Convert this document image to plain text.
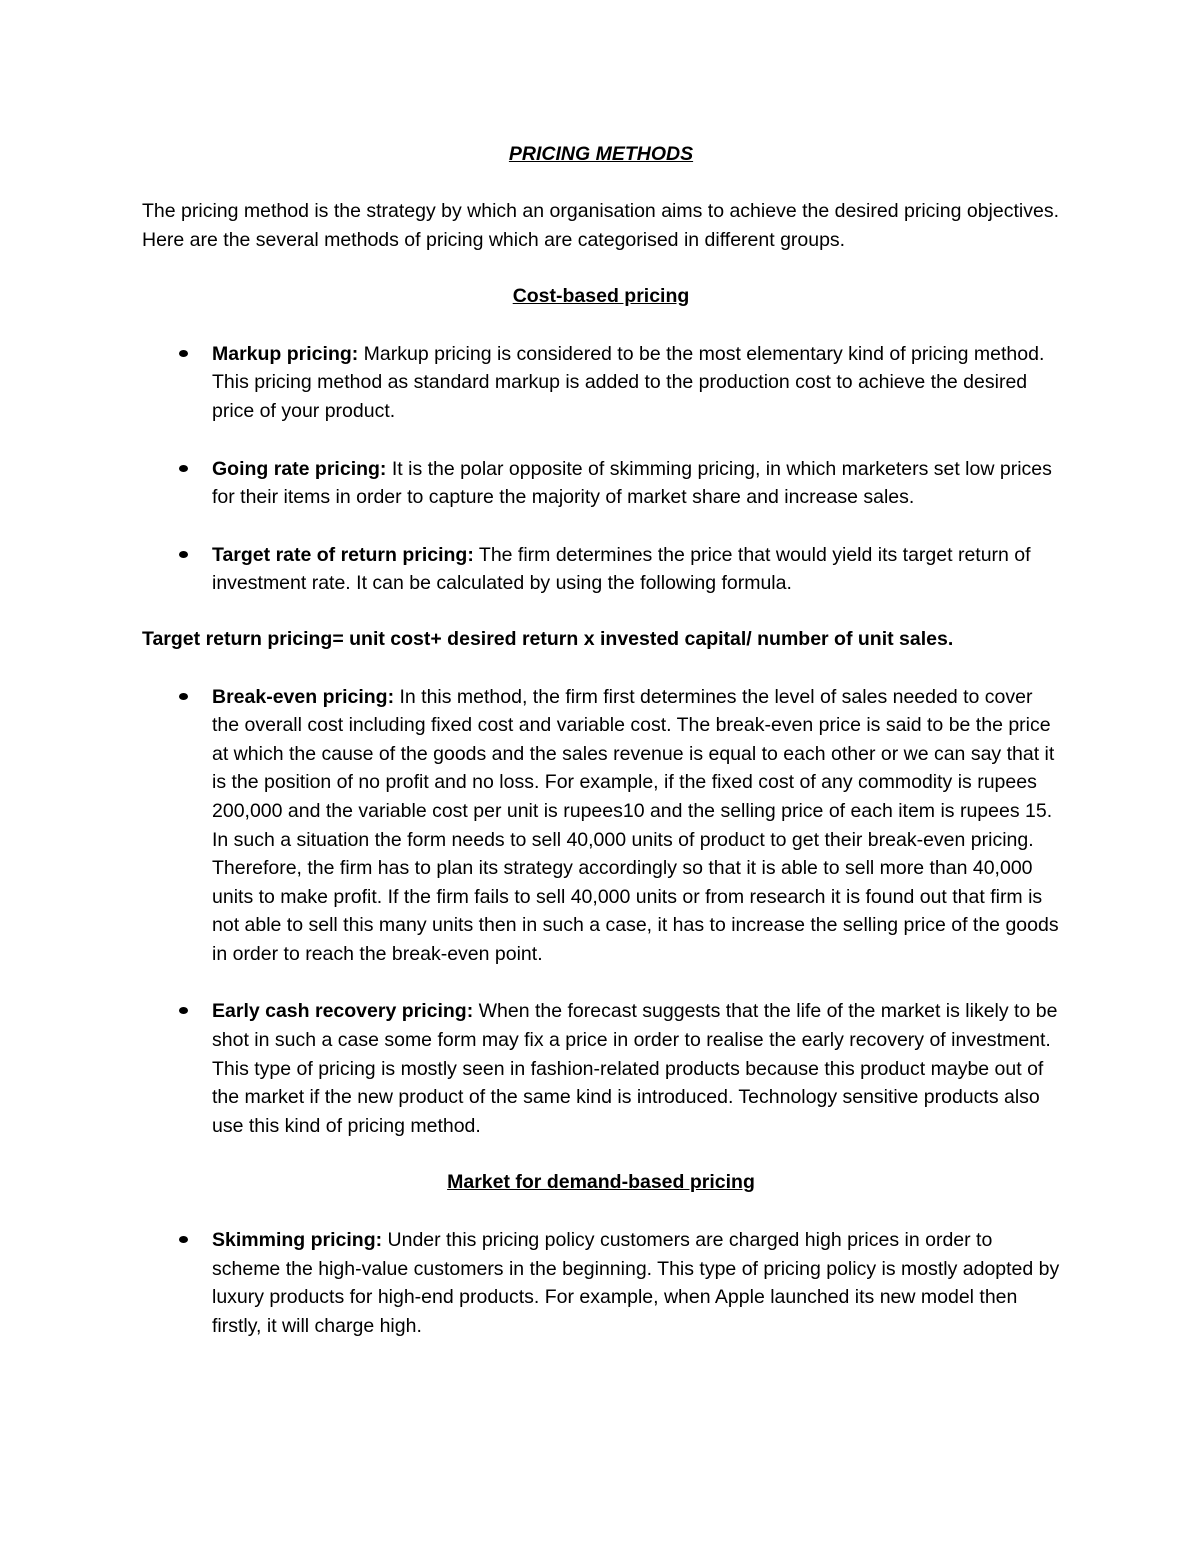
PRICING METHODS

The pricing method is the strategy by which an organisation aims to achieve the desired pricing objectives. Here are the several methods of pricing which are categorised in different groups.

Cost-based pricing

Markup pricing: Markup pricing is considered to be the most elementary kind of pricing method. This pricing method as standard markup is added to the production cost to achieve the desired price of your product.
Going rate pricing: It is the polar opposite of skimming pricing, in which marketers set low prices for their items in order to capture the majority of market share and increase sales.
Target rate of return pricing: The firm determines the price that would yield its target return of investment rate. It can be calculated by using the following formula.

Target return pricing= unit cost+ desired return x invested capital/ number of unit sales.

Break-even pricing: In this method, the firm first determines the level of sales needed to cover the overall cost including fixed cost and variable cost. The break-even price is said to be the price at which the cause of the goods and the sales revenue is equal to each other or we can say that it is the position of no profit and no loss. For example, if the fixed cost of any commodity is rupees 200,000 and the variable cost per unit is rupees10 and the selling price of each item is rupees 15. In such a situation the form needs to sell 40,000 units of product to get their break-even pricing. Therefore, the firm has to plan its strategy accordingly so that it is able to sell more than 40,000 units to make profit. If the firm fails to sell 40,000 units or from research it is found out that firm is not able to sell this many units then in such a case, it has to increase the selling price of the goods in order to reach the break-even point.
Early cash recovery pricing: When the forecast suggests that the life of the market is likely to be shot in such a case some form may fix a price in order to realise the early recovery of investment. This type of pricing is mostly seen in fashion-related products because this product maybe out of the market if the new product of the same kind is introduced. Technology sensitive products also use this kind of pricing method.

Market for demand-based pricing

Skimming pricing: Under this pricing policy customers are charged high prices in order to scheme the high-value customers in the beginning. This type of pricing policy is mostly adopted by luxury products for high-end products. For example, when Apple launched its new model then firstly, it will charge high.
